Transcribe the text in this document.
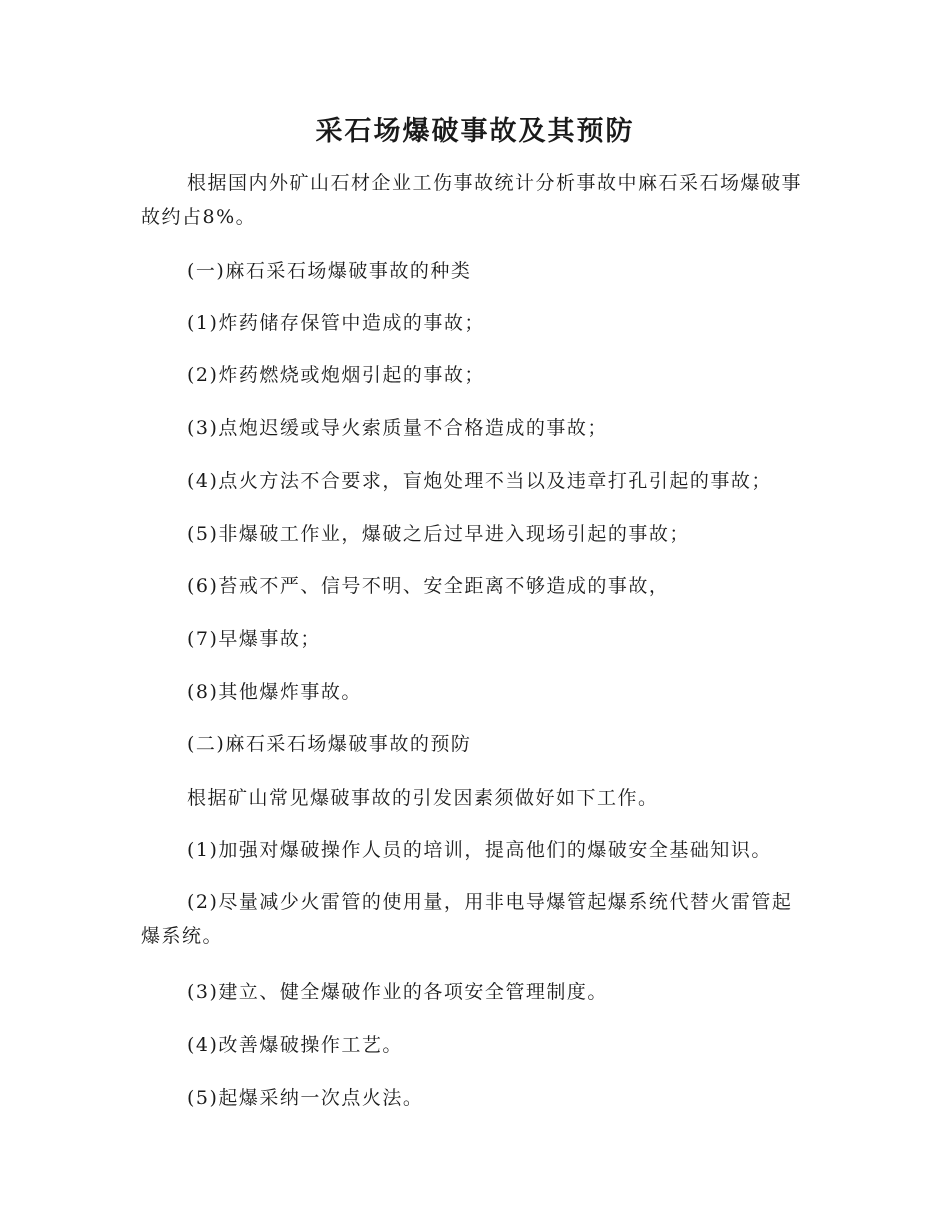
采石场爆破事故及其预防

根据国内外矿山石材企业工伤事故统计分析事故中麻石采石场爆破事故约占8%。

(一)麻石采石场爆破事故的种类

(1)炸药储存保管中造成的事故；

(2)炸药燃烧或炮烟引起的事故；

(3)点炮迟缓或导火索质量不合格造成的事故；

(4)点火方法不合要求，盲炮处理不当以及违章打孔引起的事故；

(5)非爆破工作业，爆破之后过早进入现场引起的事故；

(6)苔戒不严、信号不明、安全距离不够造成的事故，

(7)早爆事故；

(8)其他爆炸事故。

(二)麻石采石场爆破事故的预防

根据矿山常见爆破事故的引发因素须做好如下工作。

(1)加强对爆破操作人员的培训，提高他们的爆破安全基础知识。

(2)尽量减少火雷管的使用量，用非电导爆管起爆系统代替火雷管起爆系统。

(3)建立、健全爆破作业的各项安全管理制度。

(4)改善爆破操作工艺。

(5)起爆采纳一次点火法。
